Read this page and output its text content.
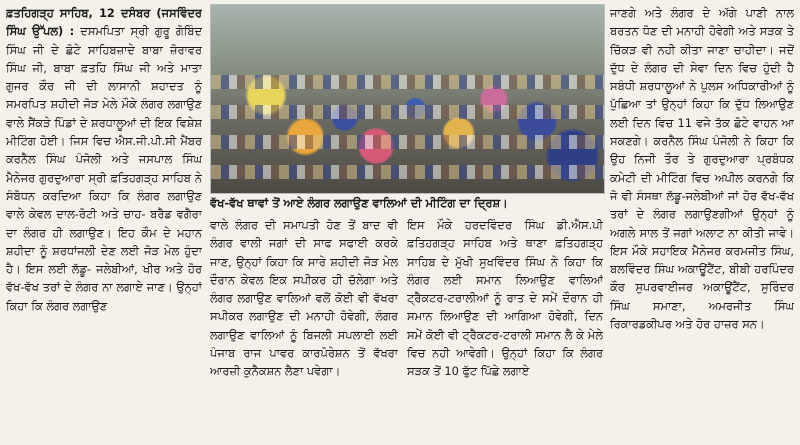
ਫ਼ਤਹਿਗੜ੍ਹ ਸਾਹਿਬ, 12 ਦਸੰਬਰ (ਜਸਵਿੰਦਰ ਸਿੰਘ ਉੱਪਲ) : ਦਸਮਪਿਤਾ ਸ੍ਰੀ ਗੁਰੂ ਗੋਬਿੰਦ ਸਿੰਘ ਜੀ ਦੇ ਛੋਟੇ ਸਾਹਿਬਜ਼ਾਦੇ ਬਾਬਾ ਜ਼ੋਰਾਵਰ ਸਿੰਘ ਜੀ, ਬਾਬਾ ਫ਼ਤਹਿ ਸਿੰਘ ਜੀ ਅਤੇ ਮਾਤਾ ਗੁਜਰ ਕੌਰ ਜੀ ਦੀ ਲਾਸਾਨੀ ਸ਼ਹਾਦਤ ਨੂੰ ਸਮਰਪਿਤ ਸ਼ਹੀਦੀ ਜੋੜ ਮੇਲੇ ਮੌਕੇ ਲੰਗਰ ਲਗਾਉਣ ਵਾਲੇ ਸੈਂਕੜੇ ਪਿੰਡਾਂ ਦੇ ਸ਼ਰਧਾਲੂਆਂ ਦੀ ਇਕ ਵਿਸ਼ੇਸ਼ ਮੀਟਿੰਗ ਹੋਈ। ਜਿਸ ਵਿਚ ਐਸ.ਜੀ.ਪੀ.ਸੀ ਮੈਂਬਰ ਕਰਨੈਲ ਸਿੰਘ ਪੰਜੋਲੀ ਅਤੇ ਜਸਪਾਲ ਸਿੰਘ ਮੈਨੇਜਰ ਗੁਰਦੁਆਰਾ ਸ੍ਰੀ ਫ਼ਤਿਹਗੜ੍ਹ ਸਾਹਿਬ ਨੇ ਸੰਬੋਧਨ ਕਰਦਿਆ ਕਿਹਾ ਕਿ ਲੰਗਰ ਲਗਾਉਣ ਵਾਲੇ ਕੇਵਲ ਦਾਲ-ਰੋਟੀ ਅਤੇ ਚਾਹ- ਬਰੈਡ ਵਗੈਰਾ ਦਾ ਲੰਗਰ ਹੀ ਲਗਾਉਣ। ਇਹ ਕੌਮ ਦੇ ਮਹਾਨ ਸ਼ਹੀਦਾ ਨੂੰ ਸ਼ਰਧਾਂਜਲੀ ਦੇਣ ਲਈ ਜੋੜ ਮੇਲ ਹੁੰਦਾ ਹੈ। ਇਸ ਲਈ ਲੱਡੂ- ਜਲੇਬੀਆਂ, ਖੀਰ ਅਤੇ ਹੋਰ ਵੱਖ-ਵੱਖ ਤਰਾਂ ਦੇ ਲੰਗਰ ਨਾ ਲਗਾਏ ਜਾਣ। ਉਨ੍ਹਾਂ ਕਿਹਾ ਕਿ ਲੰਗਰ ਲਗਾਉਣ

ਵੱਖ-ਵੱਖ ਥਾਵਾਂ ਤੋਂ ਆਏ ਲੰਗਰ ਲਗਾਉਣ ਵਾਲਿਆਂ ਦੀ ਮੀਟਿੰਗ ਦਾ ਦ੍ਰਿਸ਼।

ਵਾਲੇ ਲੰਗਰ ਦੀ ਸਮਾਪਤੀ ਹੋਣ ਤੋਂ ਬਾਦ ਵੀ ਲੰਗਰ ਵਾਲੀ ਜਗਾਂ ਦੀ ਸਾਫ ਸਫਾਈ ਕਰਕੇ ਜਾਣ, ਉਨ੍ਹਾਂ ਕਿਹਾ ਕਿ ਸਾਰੇ ਸ਼ਹੀਦੀ ਜੋੜ ਮੇਲ ਦੌਰਾਨ ਕੇਵਲ ਇਕ ਸਪੀਕਰ ਹੀ ਚੱਲੇਗਾ ਅਤੇ ਲੰਗਰ ਲਗਾਉਣ ਵਾਲਿਆਂ ਵਲੋਂ ਕੋਈ ਵੀ ਵੱਖਰਾ ਸਪੀਕਰ ਲਗਾਉਣ ਦੀ ਮਨਾਹੀ ਹੋਵੇਗੀ, ਲੰਗਰ ਲਗਾਉਣ ਵਾਲਿਆਂ ਨੂੰ ਬਿਜਲੀ ਸਪਲਾਈ ਲਈ ਪੰਜਾਬ ਰਾਜ ਪਾਵਰ ਕਾਰਪੋਰੇਸ਼ਨ ਤੋਂ ਵੱਖਰਾ ਆਰਜ਼ੀ ਕੁਨੈਕਸ਼ਨ ਲੈਣਾ ਪਵੇਗਾ।

ਇਸ ਮੌਕੇ ਹਰਦਵਿੰਦਰ ਸਿੰਘ ਡੀ.ਐਸ.ਪੀ ਫ਼ਤਿਹਗੜ੍ਹ ਸਾਹਿਬ ਅਤੇ ਥਾਣਾ ਫ਼ਤਿਹਗੜ੍ਹ ਸਾਹਿਬ ਦੇ ਮੁੱਖੀ ਸੁਖਵਿੰਦਰ ਸਿੰਘ ਨੇ ਕਿਹਾ ਕਿ ਲੰਗਰ ਲਈ ਸਮਾਨ ਲਿਆਉਣ ਵਾਲਿਆਂ ਟ੍ਰੈਕਟਰ-ਟਰਾਲੀਆਂ ਨੂੰ ਰਾਤ ਦੇ ਸਮੇਂ ਦੌਰਾਨ ਹੀ ਸਮਾਨ ਲਿਆਉਣ ਦੀ ਆਗਿਆ ਹੋਵੇਗੀ, ਦਿਨ ਸਮੇਂ ਕੋਈ ਵੀ ਟ੍ਰੈਕਟਰ-ਟਰਾਲੀ ਸਮਾਨ ਲੈ ਕੇ ਮੇਲੇ ਵਿਚ ਨਹੀ ਆਵੇਗੀ। ਉਨ੍ਹਾਂ ਕਿਹਾ ਕਿ ਲੰਗਰ ਸੜਕ ਤੋਂ 10 ਫੁੱਟ ਪਿੱਛੇ ਲਗਾਏ

ਜਾਣਗੇ ਅਤੇ ਲੰਗਰ ਦੇ ਅੱਗੇ ਪਾਣੀ ਨਾਲ ਬਰਤਨ ਧੋਣ ਦੀ ਮਨਾਹੀ ਹੋਵੇਗੀ ਅਤੇ ਸੜਕ ਤੇ ਚਿੱਕੜ ਵੀ ਨਹੀ ਕੀਤਾ ਜਾਣਾ ਚਾਹੀਦਾ। ਜਦੋਂ ਦੁੱਧ ਦੇ ਲੰਗਰ ਦੀ ਸੇਵਾ ਦਿਨ ਵਿਚ ਹੁੰਦੀ ਹੈ ਸਬੰਧੀ ਸ਼ਰਧਾਲੂਆਂ ਨੇ ਪੁਲਸ ਅਧਿਕਾਰੀਆਂ ਨੂੰ ਪੁੱਛਿਆ ਤਾਂ ਉਨ੍ਹਾਂ ਕਿਹਾ ਕਿ ਦੁੱਧ ਲਿਆਉਣ ਲਈ ਦਿਨ ਵਿਚ 11 ਵਜੇ ਤੱਕ ਛੋਟੇ ਵਾਹਨ ਆ ਸਕਣਗੇ। ਕਰਨੈਲ ਸਿੰਘ ਪੰਜੋਲੀ ਨੇ ਕਿਹਾ ਕਿ ਉਹ ਨਿਜੀ ਤੌਰ ਤੇ ਗੁਰਦੁਆਰਾ ਪ੍ਰਬੰਧਕ ਕਮੇਟੀ ਦੀ ਮੀਟਿੰਗ ਵਿਚ ਅਪੀਲ ਕਰਨਗੇ ਕਿ ਜੋ ਵੀ ਸੰਸਥਾ ਲੱਡੂ-ਜਲੇਬੀਆਂ ਜਾਂ ਹੋਰ ਵੱਖ-ਵੱਖ ਤਰਾਂ ਦੇ ਲੰਗਰ ਲਗਾਉਣਗੀਆਂ ਉਨ੍ਹਾਂ ਨੂੰ ਅਗਲੇ ਸਾਲ ਤੋਂ ਜਗਾਂ ਅਲਾਟ ਨਾ ਕੀਤੀ ਜਾਵੇ। ਇਸ ਮੌਕੇ ਸਹਾਇਕ ਮੈਨੇਜਰ ਕਰਮਜੀਤ ਸਿੰਘ, ਬਲਵਿੰਦਰ ਸਿੰਘ ਅਕਾਊਂਟੈਂਟ, ਬੀਬੀ ਹਰਪਿੰਦਰ ਕੌਰ ਸੁਪਰਵਾਈਜਰ ਅਕਾਊਂਟੈਂਟ, ਸੁਰਿੰਦਰ ਸਿੰਘ ਸਮਾਣਾ, ਅਮਰਜੀਤ ਸਿੰਘ ਰਿਕਾਰਡਕੀਪਰ ਅਤੇ ਹੋਰ ਹਾਜ਼ਰ ਸਨ।
